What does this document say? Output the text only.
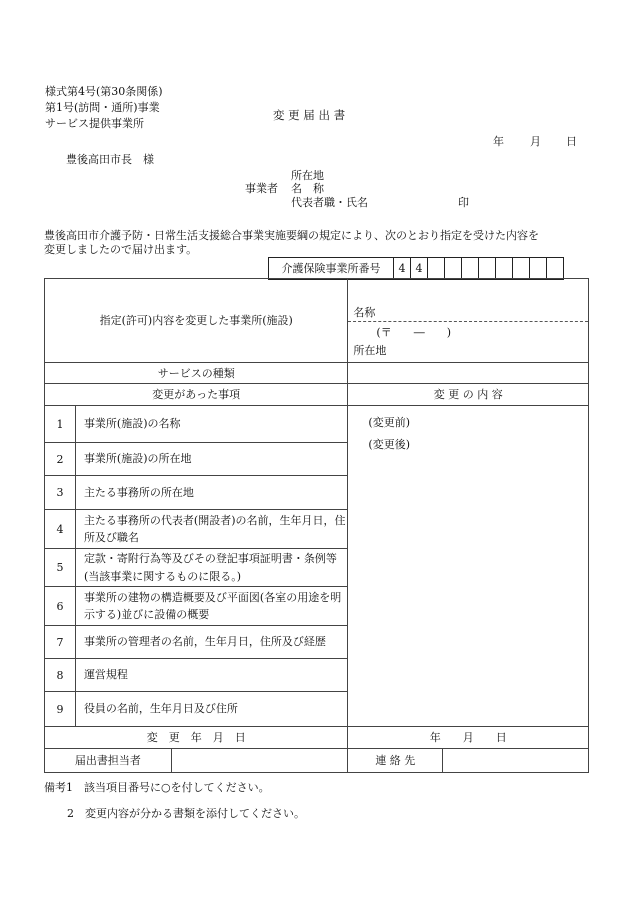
様式第4号(第30条関係)
第1号(訪問・通所)事業
サービス提供事業所
変 更 届 出 書
年 月 日
豊後高田市長　様
所在地
事業者 名　称
代表者職・氏名	印
豊後高田市介護予防・日常生活支援総合事業実施要綱の規定により、次のとおり指定を受けた内容を
変更しましたので届け出ます。
介護保険事業所番号	4	4								
指定(許可)内容を変更した事業所(施設)			名称
(〒　　―　　)
所在地	

サービスの種類				
変更があった事項			変 更 の 内 容	
1	事業所(施設)の名称		(変更前)
(変更後)	

2	事業所(施設)の所在地			
3	主たる事務所の所在地			
4	主たる事務所の代表者(開設者)の名前，生年月日，住所及び職名			
5	定款・寄附行為等及びその登記事項証明書・条例等(当該事業に関するものに限る。)			
6	事業所の建物の構造概要及び平面図(各室の用途を明示する)並びに設備の概要			
7	事業所の管理者の名前，生年月日，住所及び経歴			
8	運営規程			
9	役員の名前，生年月日及び住所			
変　更　年　月　日			年　　月　　日	
届出書担当者			連 絡 先	
備考1　該当項目番号に○を付してください。
2　変更内容が分かる書類を添付してください。
